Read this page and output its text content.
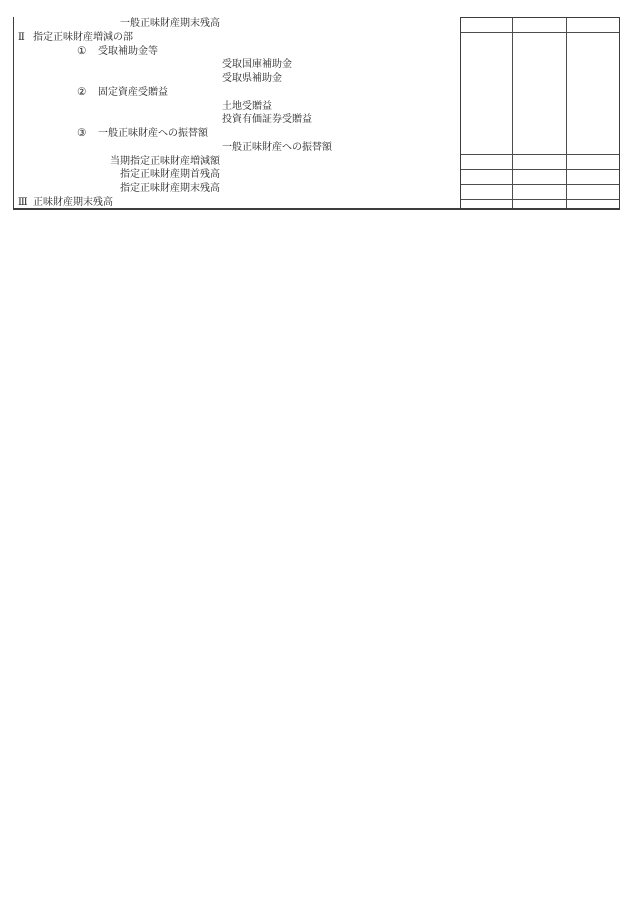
一般正味財産期末残高
Ⅱ 指定正味財産増減の部
① 受取補助金等
受取国庫補助金
受取県補助金
② 固定資産受贈益
土地受贈益
投資有価証券受贈益
③ 一般正味財産への振替額
一般正味財産への振替額
当期指定正味財産増減額
指定正味財産期首残高
指定正味財産期末残高
Ⅲ 正味財産期末残高
